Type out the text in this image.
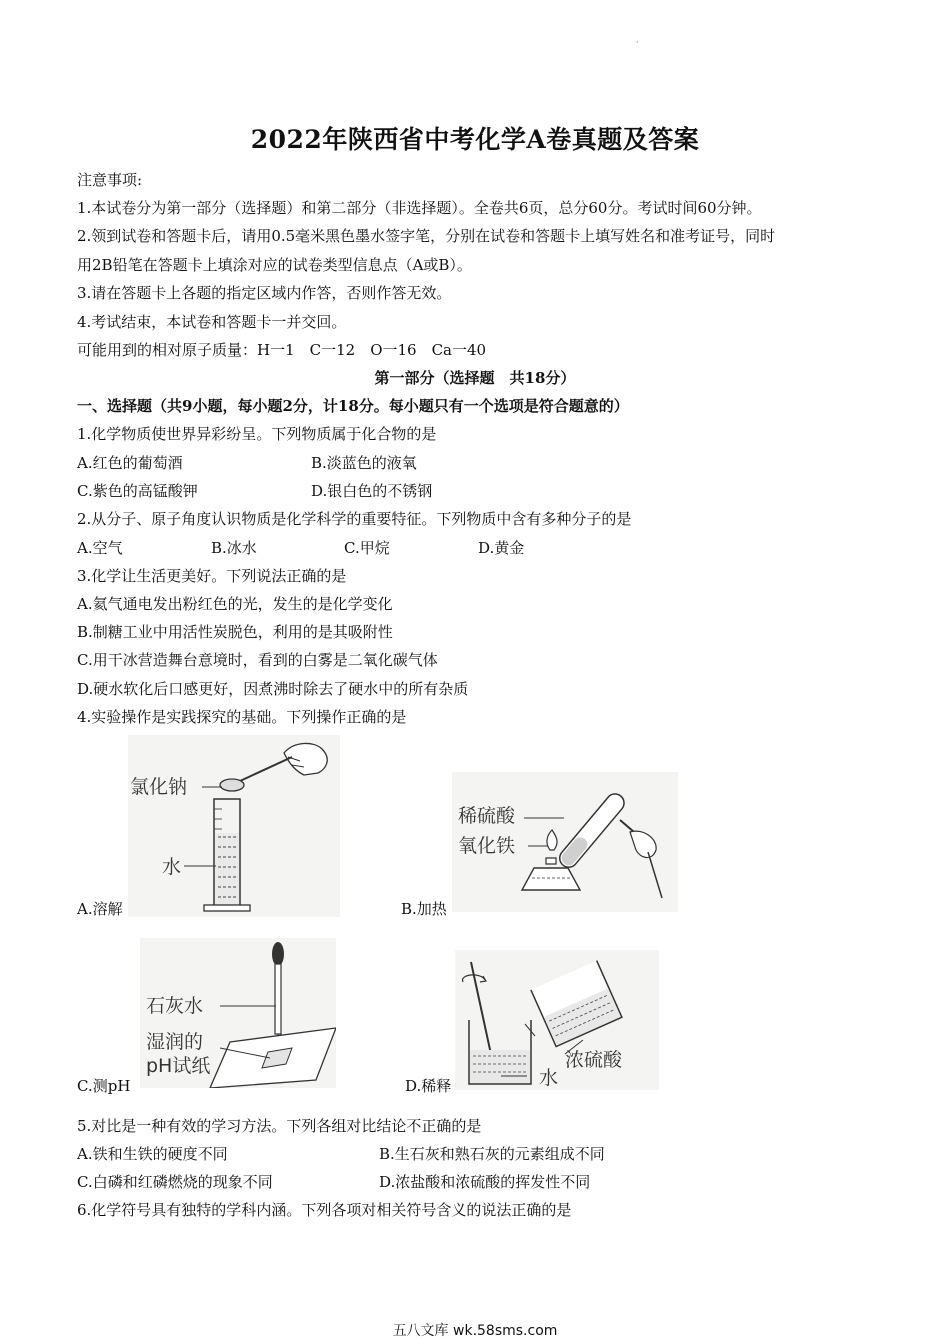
·
2022年陕西省中考化学A卷真题及答案
注意事项:
1.本试卷分为第一部分（选择题）和第二部分（非选择题）。全卷共6页，总分60分。考试时间60分钟。
2.领到试卷和答题卡后，请用0.5毫米黑色墨水签字笔，分别在试卷和答题卡上填写姓名和准考证号，同时
用2B铅笔在答题卡上填涂对应的试卷类型信息点（A或B）。
3.请在答题卡上各题的指定区域内作答，否则作答无效。
4.考试结束，本试卷和答题卡一并交回。
可能用到的相对原子质量：H一1　C一12　O一16　Ca一40
第一部分（选择题　共18分）
一、选择题（共9小题，每小题2分，计18分。每小题只有一个选项是符合题意的）
1.化学物质使世界异彩纷呈。下列物质属于化合物的是
A.红色的葡萄酒	B.淡蓝色的液氧
C.紫色的高锰酸钾	D.银白色的不锈钢
2.从分子、原子角度认识物质是化学科学的重要特征。下列物质中含有多种分子的是
A.空气	B.冰水	C.甲烷	D.黄金
3.化学让生活更美好。下列说法正确的是
A.氦气通电发出粉红色的光，发生的是化学变化
B.制糖工业中用活性炭脱色，利用的是其吸附性
C.用干冰营造舞台意境时，看到的白雾是二氧化碳气体
D.硬水软化后口感更好，因煮沸时除去了硬水中的所有杂质
4.实验操作是实践探究的基础。下列操作正确的是
氯化钠
水
A.溶解
稀硫酸
氧化铁
B.加热
石灰水
湿润的
pH试纸
C.测pH
浓硫酸
水
D.稀释
5.对比是一种有效的学习方法。下列各组对比结论不正确的是
A.铁和生铁的硬度不同	B.生石灰和熟石灰的元素组成不同
C.白磷和红磷燃烧的现象不同	D.浓盐酸和浓硫酸的挥发性不同
6.化学符号具有独特的学科内涵。下列各项对相关符号含义的说法正确的是
五八文库 wk.58sms.com
